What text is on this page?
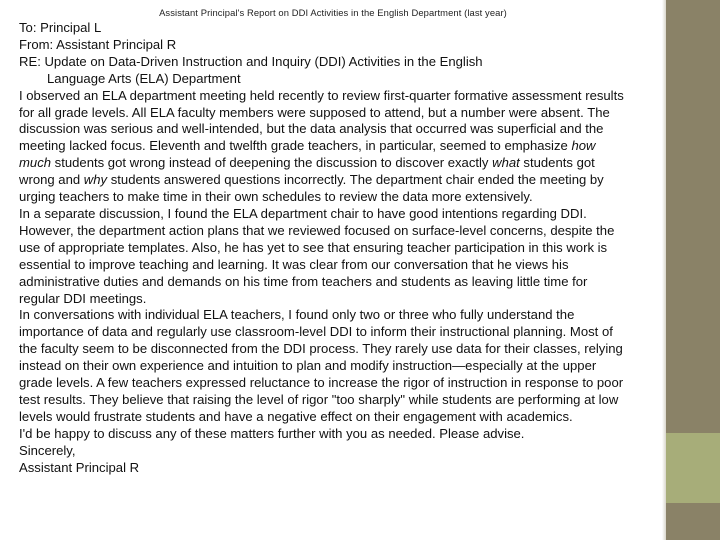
Assistant Principal's Report on DDI Activities in the English Department (last year)

To: Principal L

From: Assistant Principal R

RE: Update on Data-Driven Instruction and Inquiry (DDI) Activities in the English

Language Arts (ELA) Department

I observed an ELA department meeting held recently to review first-quarter formative assessment results for all grade levels. All ELA faculty members were supposed to attend, but a number were absent. The discussion was serious and well-intended, but the data analysis that occurred was superficial and the meeting lacked focus. Eleventh and twelfth grade teachers, in particular, seemed to emphasize how much students got wrong instead of deepening the discussion to discover exactly what students got wrong and why students answered questions incorrectly. The department chair ended the meeting by urging teachers to make time in their own schedules to review the data more extensively.

In a separate discussion, I found the ELA department chair to have good intentions regarding DDI. However, the department action plans that we reviewed focused on surface-level concerns, despite the use of appropriate templates. Also, he has yet to see that ensuring teacher participation in this work is essential to improve teaching and learning. It was clear from our conversation that he views his administrative duties and demands on his time from teachers and students as leaving little time for regular DDI meetings.

In conversations with individual ELA teachers, I found only two or three who fully understand the importance of data and regularly use classroom-level DDI to inform their instructional planning. Most of the faculty seem to be disconnected from the DDI process. They rarely use data for their classes, relying instead on their own experience and intuition to plan and modify instruction—especially at the upper grade levels. A few teachers expressed reluctance to increase the rigor of instruction in response to poor test results. They believe that raising the level of rigor "too sharply" while students are performing at low levels would frustrate students and have a negative effect on their engagement with academics.

I'd be happy to discuss any of these matters further with you as needed. Please advise.

Sincerely,

Assistant Principal R
